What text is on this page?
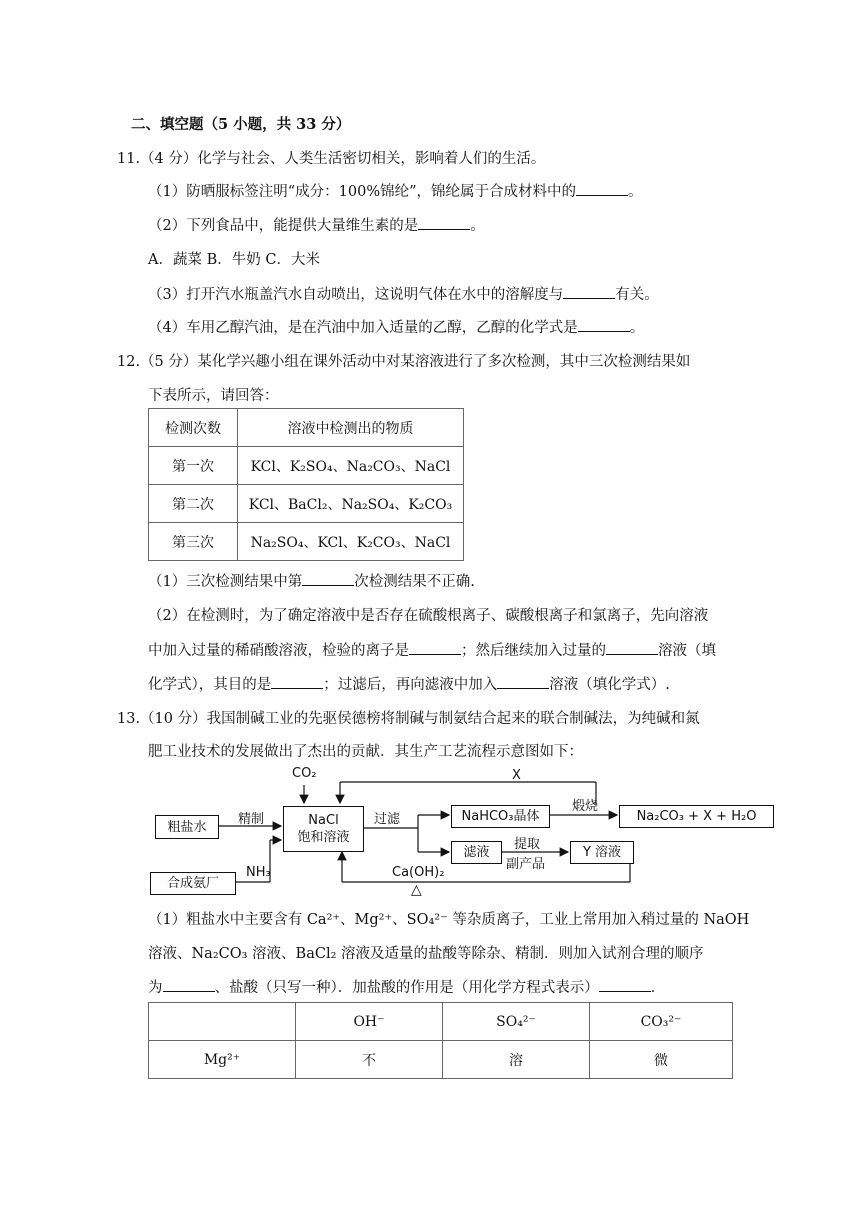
二、填空题（5 小题，共 33 分）
11.（4 分）化学与社会、人类生活密切相关，影响着人们的生活。
（1）防晒服标签注明“成分：100%锦纶”，锦纶属于合成材料中的	。
（2）下列食品中，能提供大量维生素的是	。
A．蔬菜 B．牛奶 C．大米
（3）打开汽水瓶盖汽水自动喷出，这说明气体在水中的溶解度与	有关。
（4）车用乙醇汽油，是在汽油中加入适量的乙醇，乙醇的化学式是	。
12.（5 分）某化学兴趣小组在课外活动中对某溶液进行了多次检测，其中三次检测结果如
下表所示，请回答：
检测次数	溶液中检测出的物质
第一次	KCl、K₂SO₄、Na₂CO₃、NaCl
第二次	KCl、BaCl₂、Na₂SO₄、K₂CO₃
第三次	Na₂SO₄、KCl、K₂CO₃、NaCl
（1）三次检测结果中第	次检测结果不正确.
（2）在检测时，为了确定溶液中是否存在硫酸根离子、碳酸根离子和氯离子，先向溶液
中加入过量的稀硝酸溶液，检验的离子是	；然后继续加入过量的	溶液（填
化学式），其目的是	；过滤后，再向滤液中加入	溶液（填化学式）.
13.（10 分）我国制碱工业的先驱侯德榜将制碱与制氨结合起来的联合制碱法，为纯碱和氮
肥工业技术的发展做出了杰出的贡献．其生产工艺流程示意图如下：
CO₂	X
粗盐水	精制	NaCl
饱和溶液
过滤	NaHCO₃晶体
煅烧
Na₂CO₃ + X + H₂O
滤液
提取
副产品
Y 溶液
合成氨厂
NH₃	Ca(OH)₂
△
（1）粗盐水中主要含有 Ca²⁺、Mg²⁺、SO₄²⁻ 等杂质离子，工业上常用加入稍过量的 NaOH
溶液、Na₂CO₃ 溶液、BaCl₂ 溶液及适量的盐酸等除杂、精制．则加入试剂合理的顺序
为	、盐酸（只写一种）．加盐酸的作用是（用化学方程式表示）	．
	OH⁻	SO₄²⁻	CO₃²⁻
Mg²⁺	不	溶	微
